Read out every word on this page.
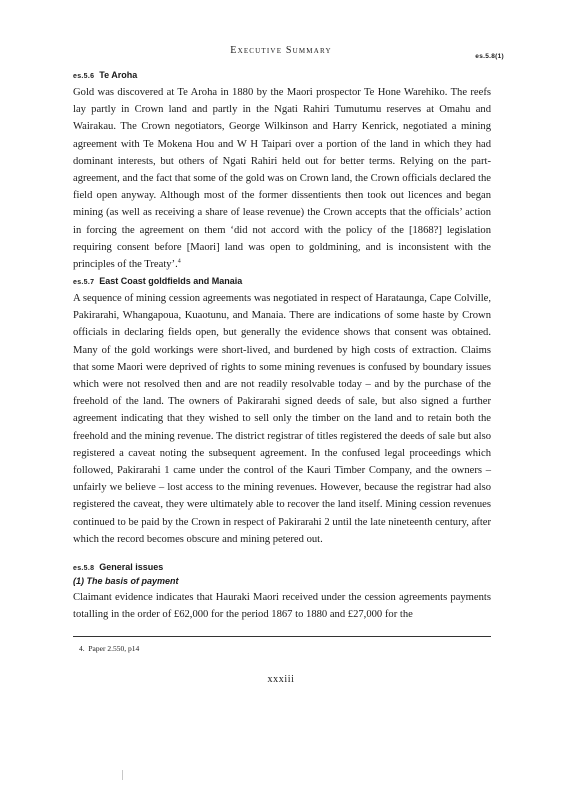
Executive Summary
es.5.8(1)
es.5.6 Te Aroha

Gold was discovered at Te Aroha in 1880 by the Maori prospector Te Hone Warehiko. The reefs lay partly in Crown land and partly in the Ngati Rahiri Tumutumu reserves at Omahu and Wairakau. The Crown negotiators, George Wilkinson and Harry Kenrick, negotiated a mining agreement with Te Mokena Hou and W H Taipari over a portion of the land in which they had dominant interests, but others of Ngati Rahiri held out for better terms. Relying on the part-agreement, and the fact that some of the gold was on Crown land, the Crown officials declared the field open anyway. Although most of the former dissentients then took out licences and began mining (as well as receiving a share of lease revenue) the Crown accepts that the officials’ action in forcing the agreement on them ‘did not accord with the policy of the [1868?] legislation requiring consent before [Maori] land was open to goldmining, and is inconsistent with the principles of the Treaty’.$^4$

es.5.7 East Coast goldfields and Manaia

A sequence of mining cession agreements was negotiated in respect of Harataunga, Cape Colville, Pakirarahi, Whangapoua, Kuaotunu, and Manaia. There are indications of some haste by Crown officials in declaring fields open, but generally the evidence shows that consent was obtained. Many of the gold workings were short-lived, and burdened by high costs of extraction. Claims that some Maori were deprived of rights to some mining revenues is confused by boundary issues which were not resolved then and are not readily resolvable today – and by the purchase of the freehold of the land. The owners of Pakirarahi signed deeds of sale, but also signed a further agreement indicating that they wished to sell only the timber on the land and to retain both the freehold and the mining revenue. The district registrar of titles registered the deeds of sale but also registered a caveat noting the subsequent agreement. In the confused legal proceedings which followed, Pakirarahi 1 came under the control of the Kauri Timber Company, and the owners – unfairly we believe – lost access to the mining revenues. However, because the registrar had also registered the caveat, they were ultimately able to recover the land itself. Mining cession revenues continued to be paid by the Crown in respect of Pakirarahi 2 until the late nineteenth century, after which the record becomes obscure and mining petered out.

es.5.8 General issues
(1) The basis of payment

Claimant evidence indicates that Hauraki Maori received under the cession agreements payments totalling in the order of £62,000 for the period 1867 to 1880 and £27,000 for the

4. Paper 2.550, p14
xxxiii
